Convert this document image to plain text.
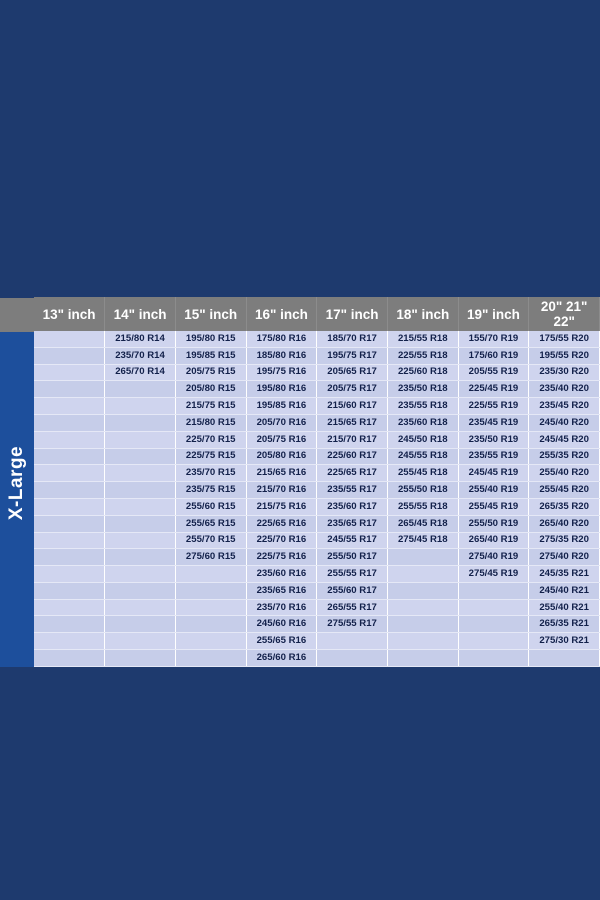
X-Large
13" inch	14" inch	15" inch	16" inch	17" inch	18" inch	19" inch	20" 21" 22"
	215/80 R14	195/80 R15	175/80 R16	185/70 R17	215/55 R18	155/70 R19	175/55 R20
	235/70 R14	195/85 R15	185/80 R16	195/75 R17	225/55 R18	175/60 R19	195/55 R20
	265/70 R14	205/75 R15	195/75 R16	205/65 R17	225/60 R18	205/55 R19	235/30 R20
		205/80 R15	195/80 R16	205/75 R17	235/50 R18	225/45 R19	235/40 R20
		215/75 R15	195/85 R16	215/60 R17	235/55 R18	225/55 R19	235/45 R20
		215/80 R15	205/70 R16	215/65 R17	235/60 R18	235/45 R19	245/40 R20
		225/70 R15	205/75 R16	215/70 R17	245/50 R18	235/50 R19	245/45 R20
		225/75 R15	205/80 R16	225/60 R17	245/55 R18	235/55 R19	255/35 R20
		235/70 R15	215/65 R16	225/65 R17	255/45 R18	245/45 R19	255/40 R20
		235/75 R15	215/70 R16	235/55 R17	255/50 R18	255/40 R19	255/45 R20
		255/60 R15	215/75 R16	235/60 R17	255/55 R18	255/45 R19	265/35 R20
		255/65 R15	225/65 R16	235/65 R17	265/45 R18	255/50 R19	265/40 R20
		255/70 R15	225/70 R16	245/55 R17	275/45 R18	265/40 R19	275/35 R20
		275/60 R15	225/75 R16	255/50 R17		275/40 R19	275/40 R20
			235/60 R16	255/55 R17		275/45 R19	245/35 R21
			235/65 R16	255/60 R17			245/40 R21
			235/70 R16	265/55 R17			255/40 R21
			245/60 R16	275/55 R17			265/35 R21
			255/65 R16				275/30 R21
			265/60 R16				
